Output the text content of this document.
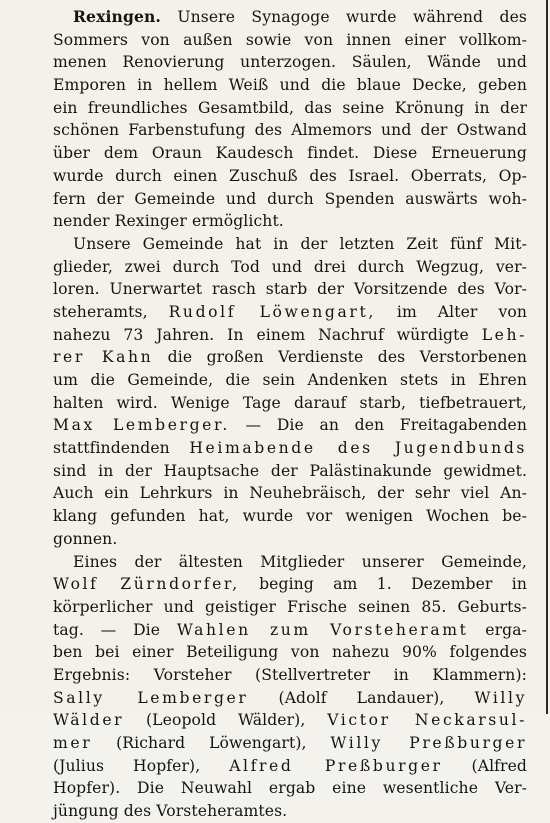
Rexingen. Unsere Synagoge wurde während des
Sommers von außen sowie von innen einer vollkom-
menen Renovierung unterzogen. Säulen, Wände und
Emporen in hellem Weiß und die blaue Decke, geben
ein freundliches Gesamtbild, das seine Krönung in der
schönen Farbenstufung des Almemors und der Ostwand
über dem Oraun Kaudesch findet. Diese Erneuerung
wurde durch einen Zuschuß des Israel. Oberrats, Op-
fern der Gemeinde und durch Spenden auswärts woh-
nender Rexinger ermöglicht.
Unsere Gemeinde hat in der letzten Zeit fünf Mit-
glieder, zwei durch Tod und drei durch Wegzug, ver-
loren. Unerwartet rasch starb der Vorsitzende des Vor-
steheramts, Rudolf Löwengart, im Alter von
nahezu 73 Jahren. In einem Nachruf würdigte Leh-
rer Kahn die großen Verdienste des Verstorbenen
um die Gemeinde, die sein Andenken stets in Ehren
halten wird. Wenige Tage darauf starb, tiefbetrauert,
Max Lemberger. — Die an den Freitagabenden
stattfindenden Heimabende des Jugendbunds
sind in der Hauptsache der Palästinakunde gewidmet.
Auch ein Lehrkurs in Neuhebräisch, der sehr viel An-
klang gefunden hat, wurde vor wenigen Wochen be-
gonnen.
Eines der ältesten Mitglieder unserer Gemeinde,
Wolf Zürndorfer, beging am 1. Dezember in
körperlicher und geistiger Frische seinen 85. Geburts-
tag. — Die Wahlen zum Vorsteheramt erga-
ben bei einer Beteiligung von nahezu 90% folgendes
Ergebnis: Vorsteher (Stellvertreter in Klammern):
Sally Lemberger (Adolf Landauer), Willy
Wälder (Leopold Wälder), Victor Neckarsul-
mer (Richard Löwengart), Willy Preßburger
(Julius Hopfer), Alfred Preßburger (Alfred
Hopfer). Die Neuwahl ergab eine wesentliche Ver-
jüngung des Vorsteheramtes.
